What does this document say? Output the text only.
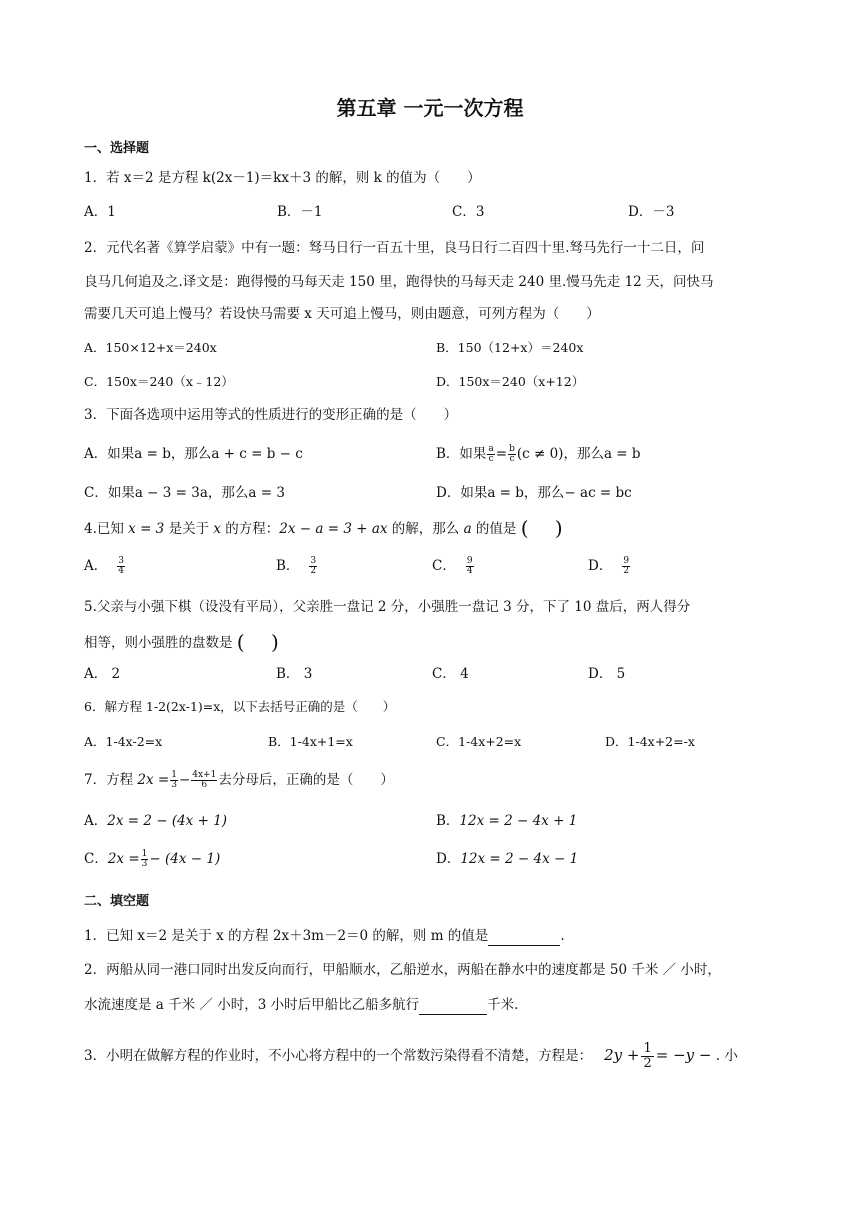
第五章 一元一次方程
一、选择题
1．若 x＝2 是方程 k(2x－1)＝kx＋3 的解，则 k 的值为（　　）
A．1	B．－1	C．3	D．－3
2．元代名著《算学启蒙》中有一题：驽马日行一百五十里，良马日行二百四十里.驽马先行一十二日，问
良马几何追及之.译文是：跑得慢的马每天走 150 里，跑得快的马每天走 240 里.慢马先走 12 天，问快马
需要几天可追上慢马？若设快马需要 x 天可追上慢马，则由题意，可列方程为（　　）
A．150×12+x＝240x	B．150（12+x）＝240x
C．150x＝240（x﹣12）	D．150x＝240（x+12）
3．下面各选项中运用等式的性质进行的变形正确的是（　　）
A．如果a = b，那么a + c = b − c	B．如果 $\frac{a}{c} = \frac{b}{c} (c \ne 0)$，那么a = b
C．如果a − 3 = 3a，那么a = 3	D．如果a = b，那么− ac = bc
4.已知 x = 3 是关于 x 的方程：2x − a = 3 + ax 的解，那么 a 的值是 (　 )
A． $\frac{3}{4}$	B． $\frac{3}{2}$	C． $\frac{9}{4}$	D． $\frac{9}{2}$
5.父亲与小强下棋（设没有平局），父亲胜一盘记 2 分，小强胜一盘记 3 分，下了 10 盘后，两人得分
相等，则小强胜的盘数是 (　 )
A． 2	B． 3	C． 4	D． 5
6．解方程 1-2(2x-1)=x，以下去括号正确的是（　　）
A．1-4x-2=x	B．1-4x+1=x	C．1-4x+2=x	D．1-4x+2=-x
7．方程 $2x = \frac{1}{3} - \frac{4x+1}{6}$ 去分母后，正确的是（　　）
A．2x = 2 − (4x + 1)	B．12x = 2 − 4x + 1
C．$2x = \frac{1}{3} - (4x - 1)$	D．12x = 2 − 4x − 1
二、填空题
1．已知 x＝2 是关于 x 的方程 2x＋3m－2＝0 的解，则 m 的值是	.
2．两船从同一港口同时出发反向而行，甲船顺水，乙船逆水，两船在静水中的速度都是 50 千米 ／ 小时，
水流速度是 a 千米 ／ 小时，3 小时后甲船比乙船多航行	千米.
3．小明在做解方程的作业时，不小心将方程中的一个常数污染得看不清楚，方程是： $2y + \frac{1}{2} = -y$ − . 小
